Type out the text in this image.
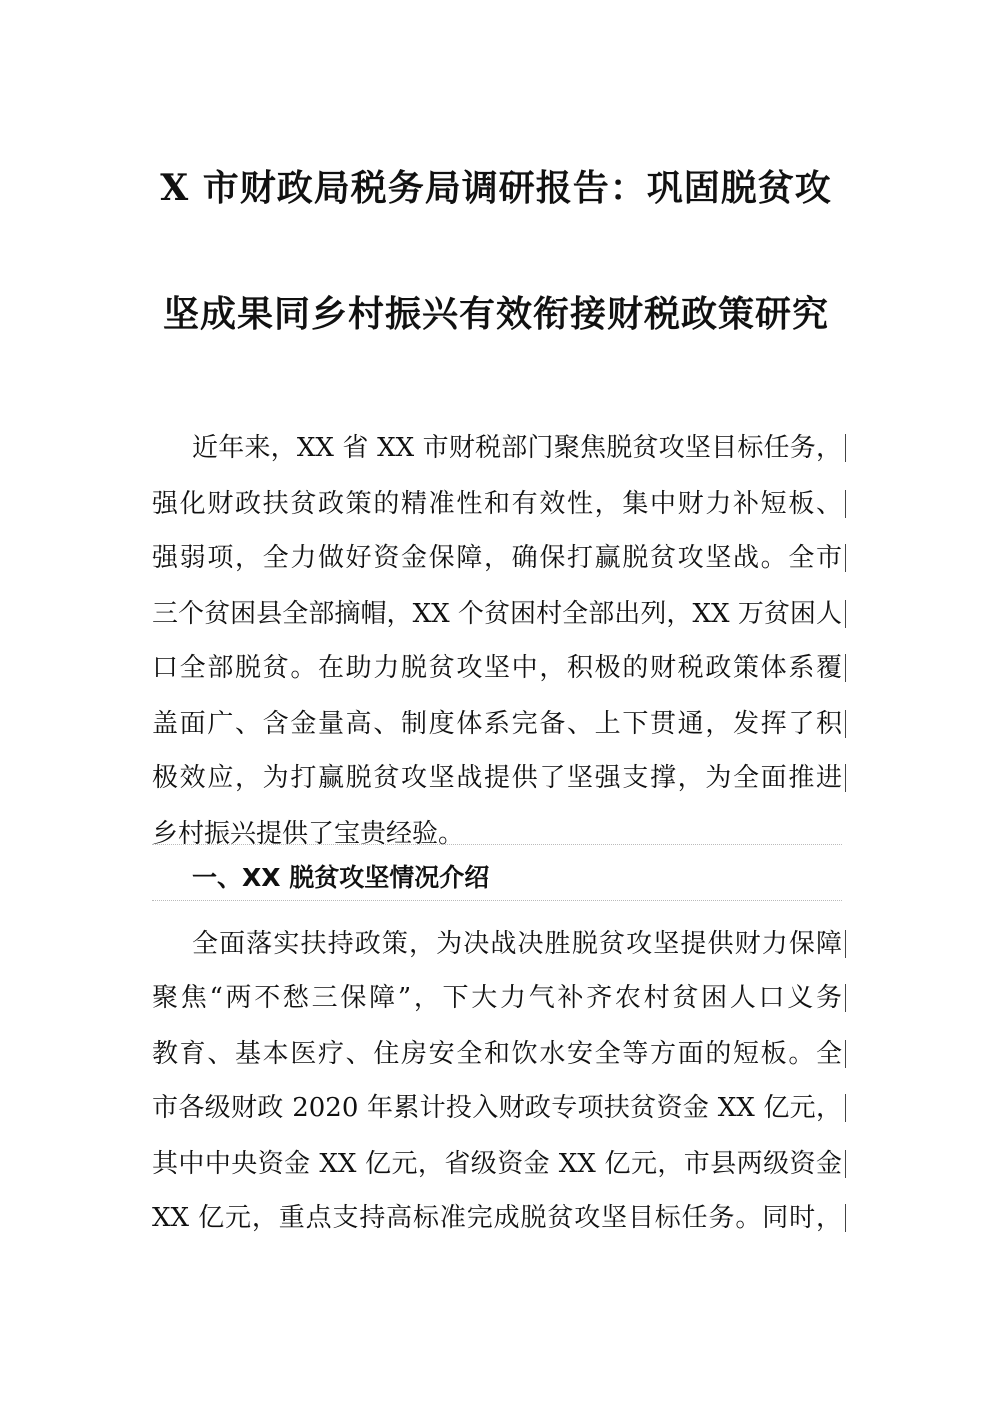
X 市财政局税务局调研报告：巩固脱贫攻
坚成果同乡村振兴有效衔接财税政策研究
近年来，XX 省 XX 市财税部门聚焦脱贫攻坚目标任务，
强化财政扶贫政策的精准性和有效性，集中财力补短板、
强弱项，全力做好资金保障，确保打赢脱贫攻坚战。全市
三个贫困县全部摘帽，XX 个贫困村全部出列，XX 万贫困人
口全部脱贫。在助力脱贫攻坚中，积极的财税政策体系覆
盖面广、含金量高、制度体系完备、上下贯通，发挥了积
极效应，为打赢脱贫攻坚战提供了坚强支撑，为全面推进
乡村振兴提供了宝贵经验。
一、XX 脱贫攻坚情况介绍
全面落实扶持政策，为决战决胜脱贫攻坚提供财力保障
聚焦“两不愁三保障”，下大力气补齐农村贫困人口义务
教育、基本医疗、住房安全和饮水安全等方面的短板。全
市各级财政 2020 年累计投入财政专项扶贫资金 XX 亿元，
其中中央资金 XX 亿元，省级资金 XX 亿元，市县两级资金
XX 亿元，重点支持高标准完成脱贫攻坚目标任务。同时，
